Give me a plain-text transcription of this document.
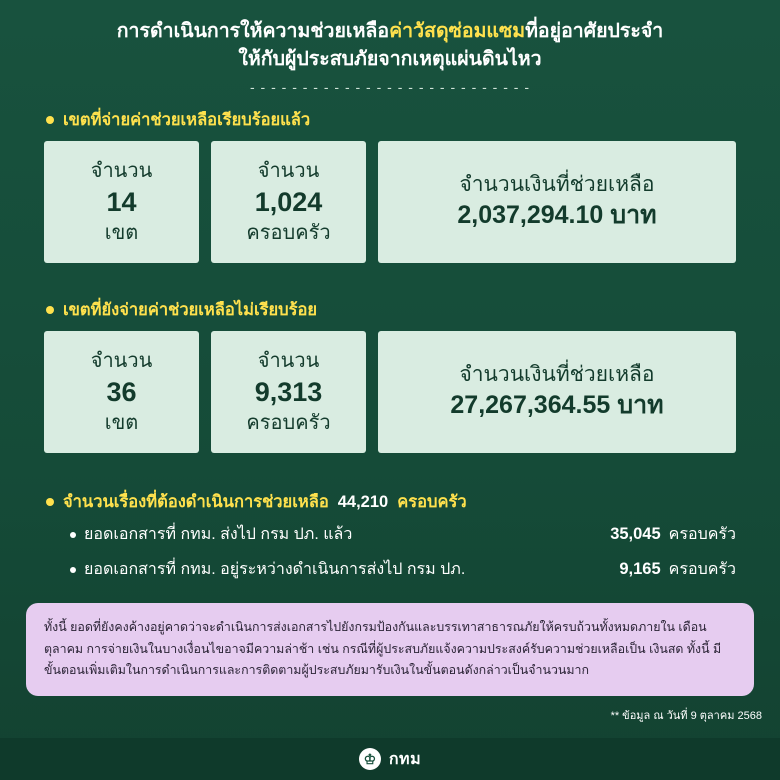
การดำเนินการให้ความช่วยเหลือค่าวัสดุซ่อมแซมที่อยู่อาศัยประจำ
ให้กับผู้ประสบภัยจากเหตุแผ่นดินไหว
- - - - - - - - - - - - - - - - - - - - - - - - - - -
เขตที่จ่ายค่าช่วยเหลือเรียบร้อยแล้ว
จำนวน
14
เขต
จำนวน
1,024
ครอบครัว
จำนวนเงินที่ช่วยเหลือ
2,037,294.10 บาท
เขตที่ยังจ่ายค่าช่วยเหลือไม่เรียบร้อย
จำนวน
36
เขต
จำนวน
9,313
ครอบครัว
จำนวนเงินที่ช่วยเหลือ
27,267,364.55 บาท
จำนวนเรื่องที่ต้องดำเนินการช่วยเหลือ 44,210 ครอบครัว
ยอดเอกสารที่ กทม. ส่งไป กรม ปภ. แล้ว	35,045 ครอบครัว
ยอดเอกสารที่ กทม. อยู่ระหว่างดำเนินการส่งไป กรม ปภ.	9,165 ครอบครัว
ทั้งนี้ ยอดที่ยังคงค้างอยู่คาดว่าจะดำเนินการส่งเอกสารไปยังกรมป้องกันและบรรเทาสาธารณภัยให้ครบถ้วนทั้งหมดภายใน เดือนตุลาคม การจ่ายเงินในบางเงื่อนไขอาจมีความล่าช้า เช่น กรณีที่ผู้ประสบภัยแจ้งความประสงค์รับความช่วยเหลือเป็น เงินสด ทั้งนี้ มีขั้นตอนเพิ่มเติมในการดำเนินการและการติดตามผู้ประสบภัยมารับเงินในขั้นตอนดังกล่าวเป็นจำนวนมาก
** ข้อมูล ณ วันที่ 9 ตุลาคม 2568
♔ กทม
